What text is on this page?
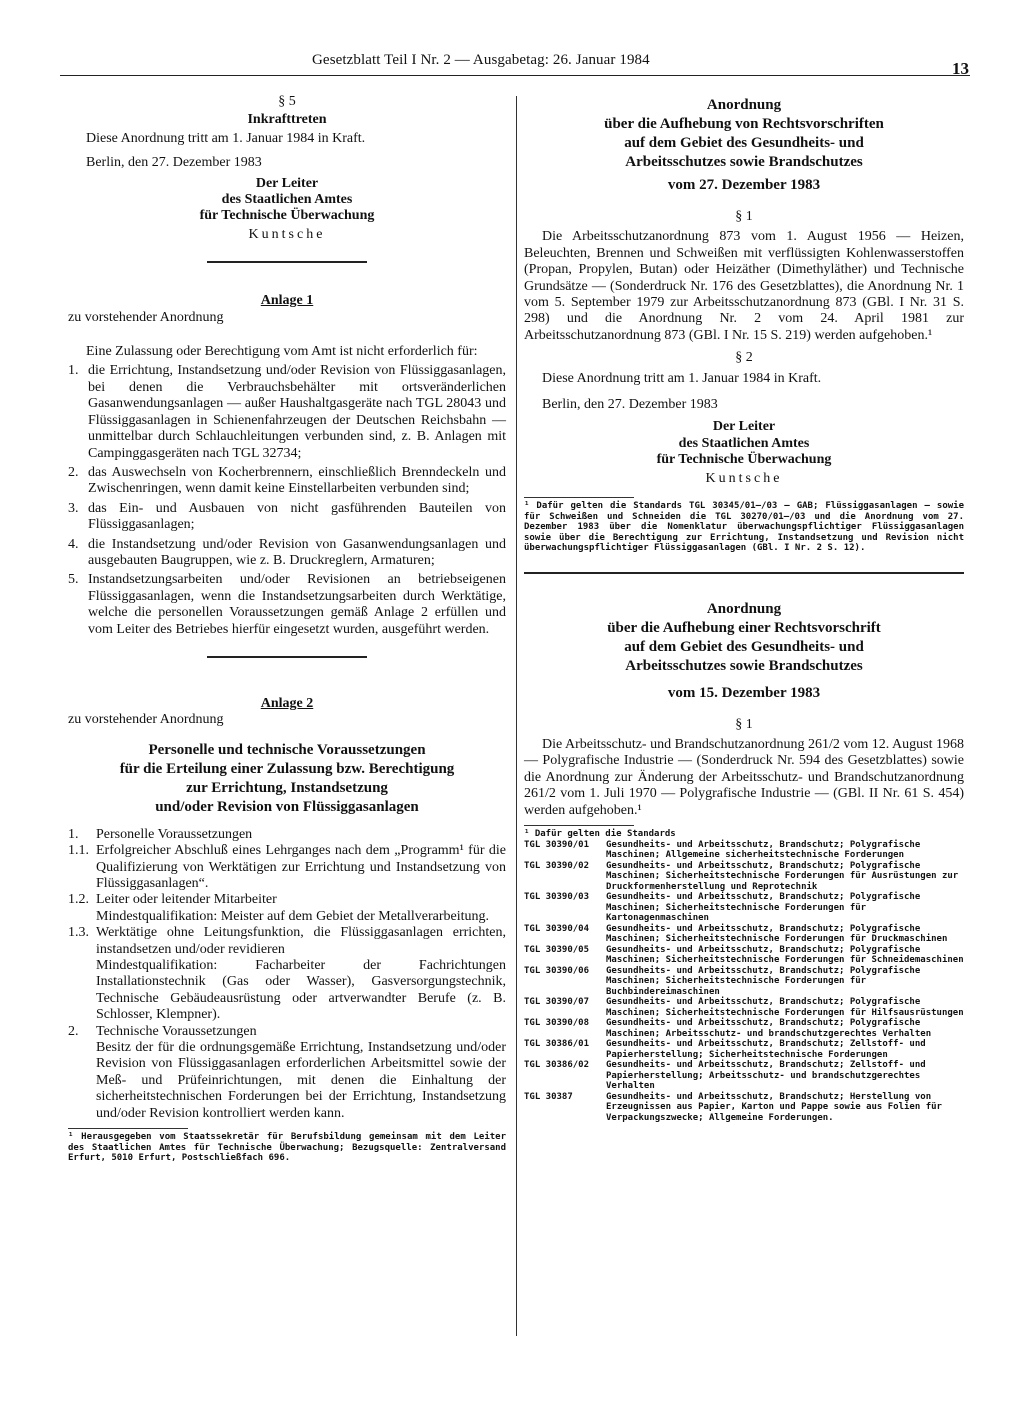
Gesetzblatt Teil I Nr. 2 — Ausgabetag: 26. Januar 1984	13

§ 5

Inkrafttreten

Diese Anordnung tritt am 1. Januar 1984 in Kraft.

Berlin, den 27. Dezember 1983

Der Leiter

des Staatlichen Amtes

für Technische Überwachung

Kuntsche

Anlage 1

zu vorstehender Anordnung

Eine Zulassung oder Berechtigung vom Amt ist nicht erforderlich für:

1. die Errichtung, Instandsetzung und/oder Revision von Flüssiggasanlagen, bei denen die Verbrauchsbehälter mit ortsveränderlichen Gasanwendungsanlagen — außer Haushaltgasgeräte nach TGL 28043 und Flüssiggasanlagen in Schienenfahrzeugen der Deutschen Reichsbahn — unmittelbar durch Schlauchleitungen verbunden sind, z. B. Anlagen mit Campinggasgeräten nach TGL 32734;
2. das Auswechseln von Kocherbrennern, einschließlich Brenndeckeln und Zwischenringen, wenn damit keine Einstellarbeiten verbunden sind;
3. das Ein- und Ausbauen von nicht gasführenden Bauteilen von Flüssiggasanlagen;
4. die Instandsetzung und/oder Revision von Gasanwendungsanlagen und ausgebauten Baugruppen, wie z. B. Druckreglern, Armaturen;
5. Instandsetzungsarbeiten und/oder Revisionen an betriebseigenen Flüssiggasanlagen, wenn die Instandsetzungsarbeiten durch Werktätige, welche die personellen Voraussetzungen gemäß Anlage 2 erfüllen und vom Leiter des Betriebes hierfür eingesetzt wurden, ausgeführt werden.

Anlage 2

zu vorstehender Anordnung

Personelle und technische Voraussetzungen

für die Erteilung einer Zulassung bzw. Berechtigung

zur Errichtung, Instandsetzung

und/oder Revision von Flüssiggasanlagen

1.	Personelle Voraussetzungen
1.1. Erfolgreicher Abschluß eines Lehrganges nach dem „Programm¹ für die Qualifizierung von Werktätigen zur Errichtung und Instandsetzung von Flüssiggasanlagen“.
1.2. Leiter oder leitender Mitarbeiter
Mindestqualifikation: Meister auf dem Gebiet der Metallverarbeitung.
1.3. Werktätige ohne Leitungsfunktion, die Flüssiggasanlagen errichten, instandsetzen und/oder revidieren
Mindestqualifikation: Facharbeiter der Fachrichtungen Installationstechnik (Gas oder Wasser), Gasversorgungstechnik, Technische Gebäudeausrüstung oder artverwandter Berufe (z. B. Schlosser, Klempner).
2.	Technische Voraussetzungen
Besitz der für die ordnungsgemäße Errichtung, Instandsetzung und/oder Revision von Flüssiggasanlagen erforderlichen Arbeitsmittel sowie der Meß- und Prüfeinrichtungen, mit denen die Einhaltung der sicherheitstechnischen Forderungen bei der Errichtung, Instandsetzung und/oder Revision kontrolliert werden kann.

¹ Herausgegeben vom Staatssekretär für Berufsbildung gemeinsam mit dem Leiter des Staatlichen Amtes für Technische Überwachung; Bezugsquelle: Zentralversand Erfurt, 5010 Erfurt, Postschließfach 696.

Anordnung

über die Aufhebung von Rechtsvorschriften

auf dem Gebiet des Gesundheits- und

Arbeitsschutzes sowie Brandschutzes

vom 27. Dezember 1983

§ 1

Die Arbeitsschutzanordnung 873 vom 1. August 1956 — Heizen, Beleuchten, Brennen und Schweißen mit verflüssigten Kohlenwasserstoffen (Propan, Propylen, Butan) oder Heizäther (Dimethyläther) und Technische Grundsätze — (Sonderdruck Nr. 176 des Gesetzblattes), die Anordnung Nr. 1 vom 5. September 1979 zur Arbeitsschutzanordnung 873 (GBl. I Nr. 31 S. 298) und die Anordnung Nr. 2 vom 24. April 1981 zur Arbeitsschutzanordnung 873 (GBl. I Nr. 15 S. 219) werden aufgehoben.¹

§ 2

Diese Anordnung tritt am 1. Januar 1984 in Kraft.

Berlin, den 27. Dezember 1983

Der Leiter

des Staatlichen Amtes

für Technische Überwachung

Kuntsche

¹ Dafür gelten die Standards TGL 30345/01—/03 — GAB; Flüssiggasanlagen — sowie für Schweißen und Schneiden die TGL 30270/01—/03 und die Anordnung vom 27. Dezember 1983 über die Nomenklatur überwachungspflichtiger Flüssiggasanlagen sowie über die Berechtigung zur Errichtung, Instandsetzung und Revision nicht überwachungspflichtiger Flüssiggasanlagen (GBl. I Nr. 2 S. 12).

Anordnung

über die Aufhebung einer Rechtsvorschrift

auf dem Gebiet des Gesundheits- und

Arbeitsschutzes sowie Brandschutzes

vom 15. Dezember 1983

§ 1

Die Arbeitsschutz- und Brandschutzanordnung 261/2 vom 12. August 1968 — Polygrafische Industrie — (Sonderdruck Nr. 594 des Gesetzblattes) sowie die Anordnung zur Änderung der Arbeitsschutz- und Brandschutzanordnung 261/2 vom 1. Juli 1970 — Polygrafische Industrie — (GBl. II Nr. 61 S. 454) werden aufgehoben.¹

¹ Dafür gelten die Standards

TGL 30390/01	Gesundheits- und Arbeitsschutz, Brandschutz; Polygrafische Maschinen; Allgemeine sicherheitstechnische Forderungen
TGL 30390/02	Gesundheits- und Arbeitsschutz, Brandschutz; Polygrafische Maschinen; Sicherheitstechnische Forderungen für Ausrüstungen zur Druckformenherstellung und Reprotechnik
TGL 30390/03	Gesundheits- und Arbeitsschutz, Brandschutz; Polygrafische Maschinen; Sicherheitstechnische Forderungen für Kartonagenmaschinen
TGL 30390/04	Gesundheits- und Arbeitsschutz, Brandschutz; Polygrafische Maschinen; Sicherheitstechnische Forderungen für Druckmaschinen
TGL 30390/05	Gesundheits- und Arbeitsschutz, Brandschutz; Polygrafische Maschinen; Sicherheitstechnische Forderungen für Schneidemaschinen
TGL 30390/06	Gesundheits- und Arbeitsschutz, Brandschutz; Polygrafische Maschinen; Sicherheitstechnische Forderungen für Buchbindereimaschinen
TGL 30390/07	Gesundheits- und Arbeitsschutz, Brandschutz; Polygrafische Maschinen; Sicherheitstechnische Forderungen für Hilfsausrüstungen
TGL 30390/08	Gesundheits- und Arbeitsschutz, Brandschutz; Polygrafische Maschinen; Arbeitsschutz- und brandschutzgerechtes Verhalten
TGL 30386/01	Gesundheits- und Arbeitsschutz, Brandschutz; Zellstoff- und Papierherstellung; Sicherheitstechnische Forderungen
TGL 30386/02	Gesundheits- und Arbeitsschutz, Brandschutz; Zellstoff- und Papierherstellung; Arbeitsschutz- und brandschutzgerechtes Verhalten
TGL 30387	Gesundheits- und Arbeitsschutz, Brandschutz; Herstellung von Erzeugnissen aus Papier, Karton und Pappe sowie aus Folien für Verpackungszwecke; Allgemeine Forderungen.
